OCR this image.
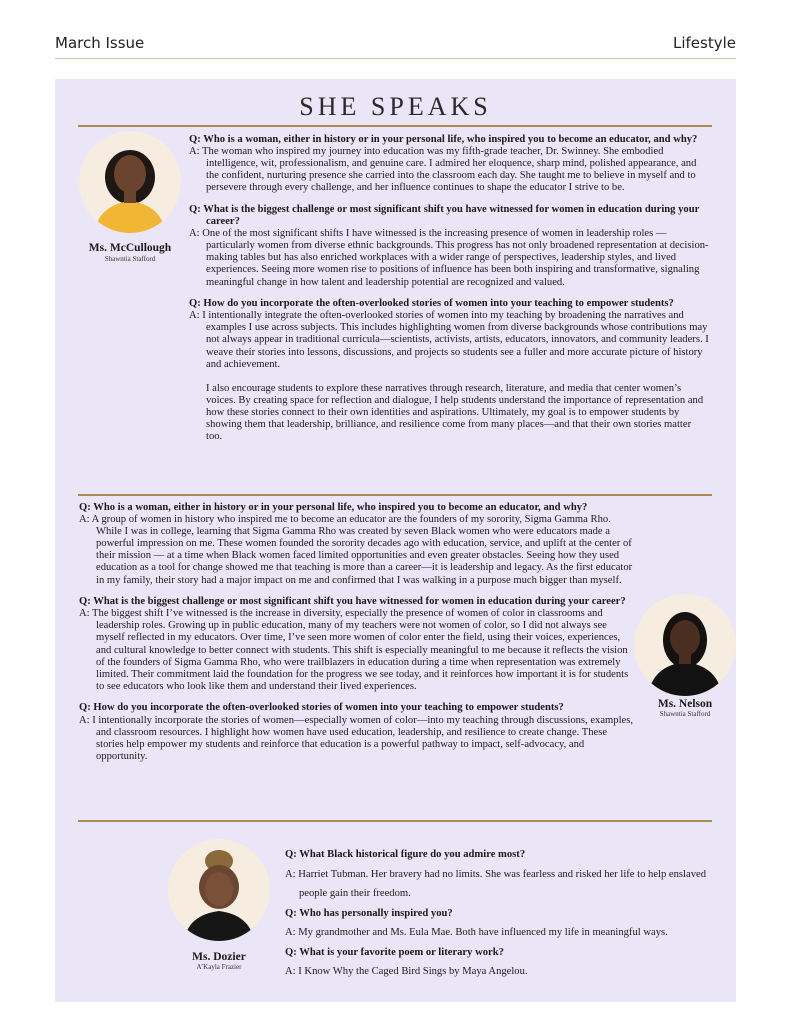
March Issue	Lifestyle
SHE SPEAKS
Ms. McCullough
Shawntia Stafford

Q: Who is a woman, either in history or in your personal life, who inspired you to become an educator, and why?

A: The woman who inspired my journey into education was my fifth-grade teacher, Dr. Swinney. She embodied intelligence, wit, professionalism, and genuine care. I admired her eloquence, sharp mind, polished appearance, and the confident, nurturing presence she carried into the classroom each day. She taught me to believe in myself and to persevere through every challenge, and her influence continues to shape the educator I strive to be.

Q: What is the biggest challenge or most significant shift you have witnessed for women in education during your career?

A: One of the most significant shifts I have witnessed is the increasing presence of women in leadership roles —particularly women from diverse ethnic backgrounds. This progress has not only broadened representation at decision-making tables but has also enriched workplaces with a wider range of perspectives, leadership styles, and lived experiences. Seeing more women rise to positions of influence has been both inspiring and transformative, signaling meaningful change in how talent and leadership potential are recognized and valued.

Q: How do you incorporate the often-overlooked stories of women into your teaching to empower students?

A: I intentionally integrate the often-overlooked stories of women into my teaching by broadening the narratives and examples I use across subjects. This includes highlighting women from diverse backgrounds whose contributions may not always appear in traditional curricula—scientists, activists, artists, educators, innovators, and community leaders. I weave their stories into lessons, discussions, and projects so students see a fuller and more accurate picture of history and achievement.

I also encourage students to explore these narratives through research, literature, and media that center women’s voices. By creating space for reflection and dialogue, I help students understand the importance of representation and how these stories connect to their own identities and aspirations. Ultimately, my goal is to empower students by showing them that leadership, brilliance, and resilience come from many places—and that their own stories matter too.

Q: Who is a woman, either in history or in your personal life, who inspired you to become an educator, and why?

A: A group of women in history who inspired me to become an educator are the founders of my sorority, Sigma Gamma Rho. While I was in college, learning that Sigma Gamma Rho was created by seven Black women who were educators made a powerful impression on me. These women founded the sorority decades ago with education, service, and uplift at the center of their mission — at a time when Black women faced limited opportunities and even greater obstacles. Seeing how they used education as a tool for change showed me that teaching is more than a career—it is leadership and legacy. As the first educator in my family, their story had a major impact on me and confirmed that I was walking in a purpose much bigger than myself.

Q: What is the biggest challenge or most significant shift you have witnessed for women in education during your career?

A: The biggest shift I’ve witnessed is the increase in diversity, especially the presence of women of color in classrooms and leadership roles. Growing up in public education, many of my teachers were not women of color, so I did not always see myself reflected in my educators. Over time, I’ve seen more women of color enter the field, using their voices, experiences, and cultural knowledge to better connect with students. This shift is especially meaningful to me because it reflects the vision of the founders of Sigma Gamma Rho, who were trailblazers in education during a time when representation was extremely limited. Their commitment laid the foundation for the progress we see today, and it reinforces how important it is for students to see educators who look like them and understand their lived experiences.

Q: How do you incorporate the often-overlooked stories of women into your teaching to empower students?

A: I intentionally incorporate the stories of women—especially women of color—into my teaching through discussions, examples, and classroom resources. I highlight how women have used education, leadership, and resilience to create change. These stories help empower my students and reinforce that education is a powerful pathway to impact, self-advocacy, and opportunity.

Ms. Nelson
Shawntia Stafford
Ms. Dozier
A’Kayla Frazier

Q: What Black historical figure do you admire most?

A: Harriet Tubman. Her bravery had no limits. She was fearless and risked her life to help enslaved people gain their freedom.

Q: Who has personally inspired you?

A: My grandmother and Ms. Eula Mae. Both have influenced my life in meaningful ways.

Q: What is your favorite poem or literary work?

A: I Know Why the Caged Bird Sings by Maya Angelou.
